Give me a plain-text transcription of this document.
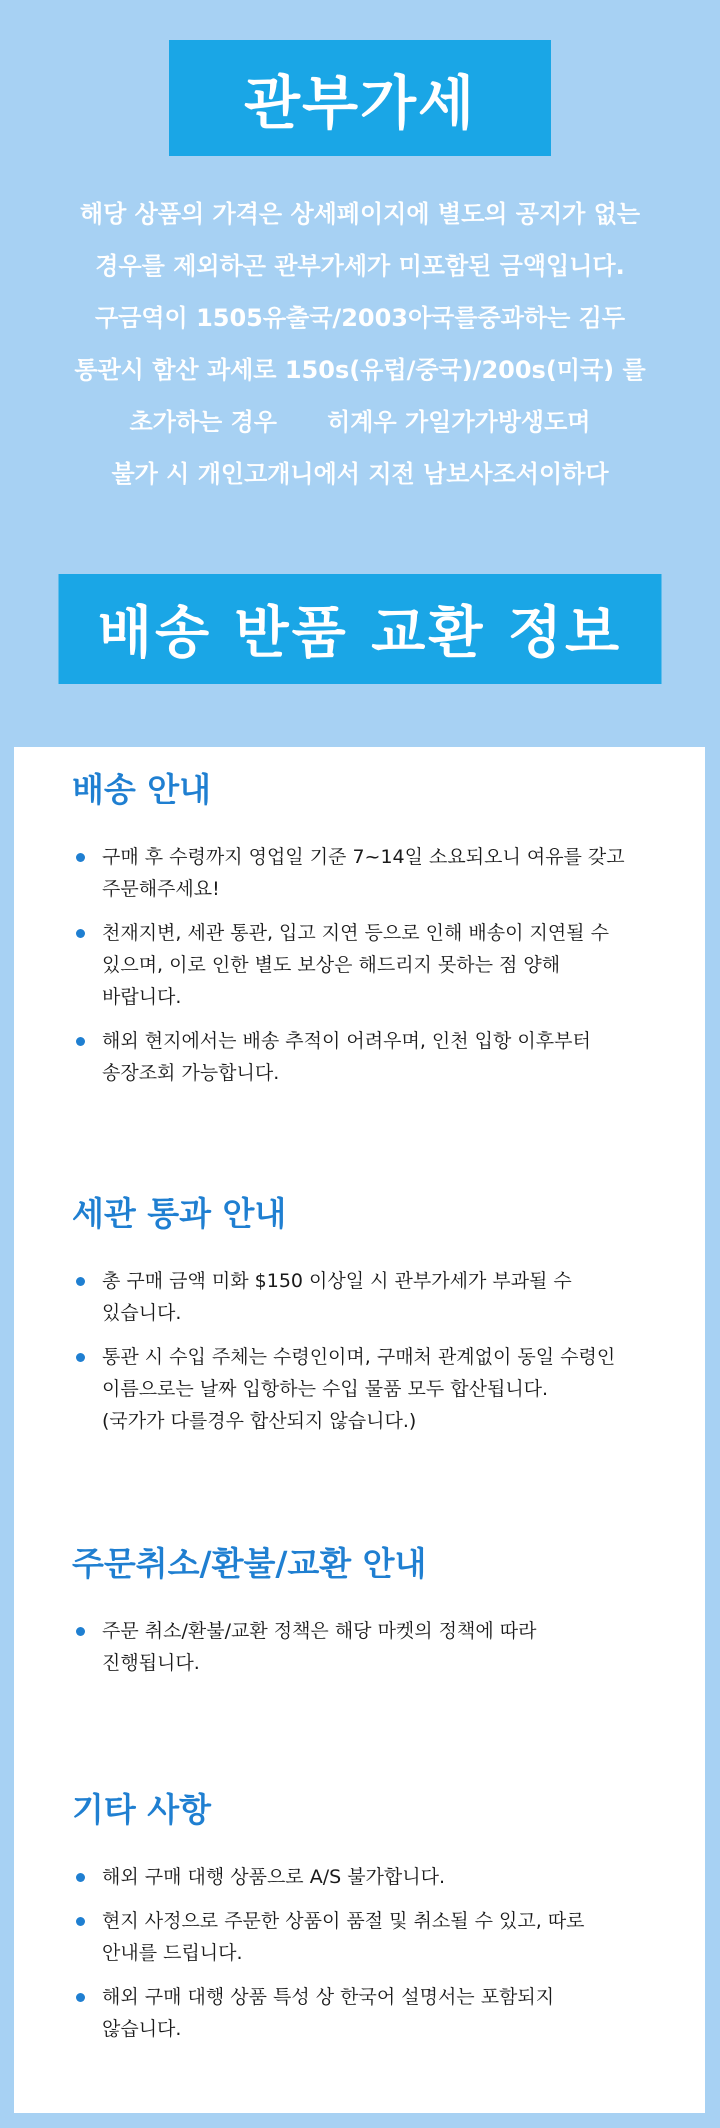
관부가세
해당 상품의 가격은 상세페이지에 별도의 공지가 없는
경우를 제외하곤 관부가세가 미포함된 금액입니다.
구금역이 1505유출국/2003아국를중과하는 김두
통관시 함산 과세로 150s(유럽/중국)/200s(미국) 를
초가하는 경우      히계우 가일가가방생도며
불가 시 개인고개니에서 지전 남보사조서이하다
배송 반품 교환 정보
배송 안내
구매 후 수령까지 영업일 기준 7~14일 소요되오니 여유를 갖고
주문해주세요!
천재지변, 세관 통관, 입고 지연 등으로 인해 배송이 지연될 수
있으며, 이로 인한 별도 보상은 해드리지 못하는 점 양해
바랍니다.
해외 현지에서는 배송 추적이 어려우며, 인천 입항 이후부터
송장조회 가능합니다.
세관 통과 안내
총 구매 금액 미화 $150 이상일 시 관부가세가 부과될 수
있습니다.
통관 시 수입 주체는 수령인이며, 구매처 관계없이 동일 수령인
이름으로는 날짜 입항하는 수입 물품 모두 합산됩니다.
(국가가 다를경우 합산되지 않습니다.)
주문취소/환불/교환 안내
주문 취소/환불/교환 정책은 해당 마켓의 정책에 따라
진행됩니다.
기타 사항
해외 구매 대행 상품으로 A/S 불가합니다.
현지 사정으로 주문한 상품이 품절 및 취소될 수 있고, 따로
안내를 드립니다.
해외 구매 대행 상품 특성 상 한국어 설명서는 포함되지
않습니다.
